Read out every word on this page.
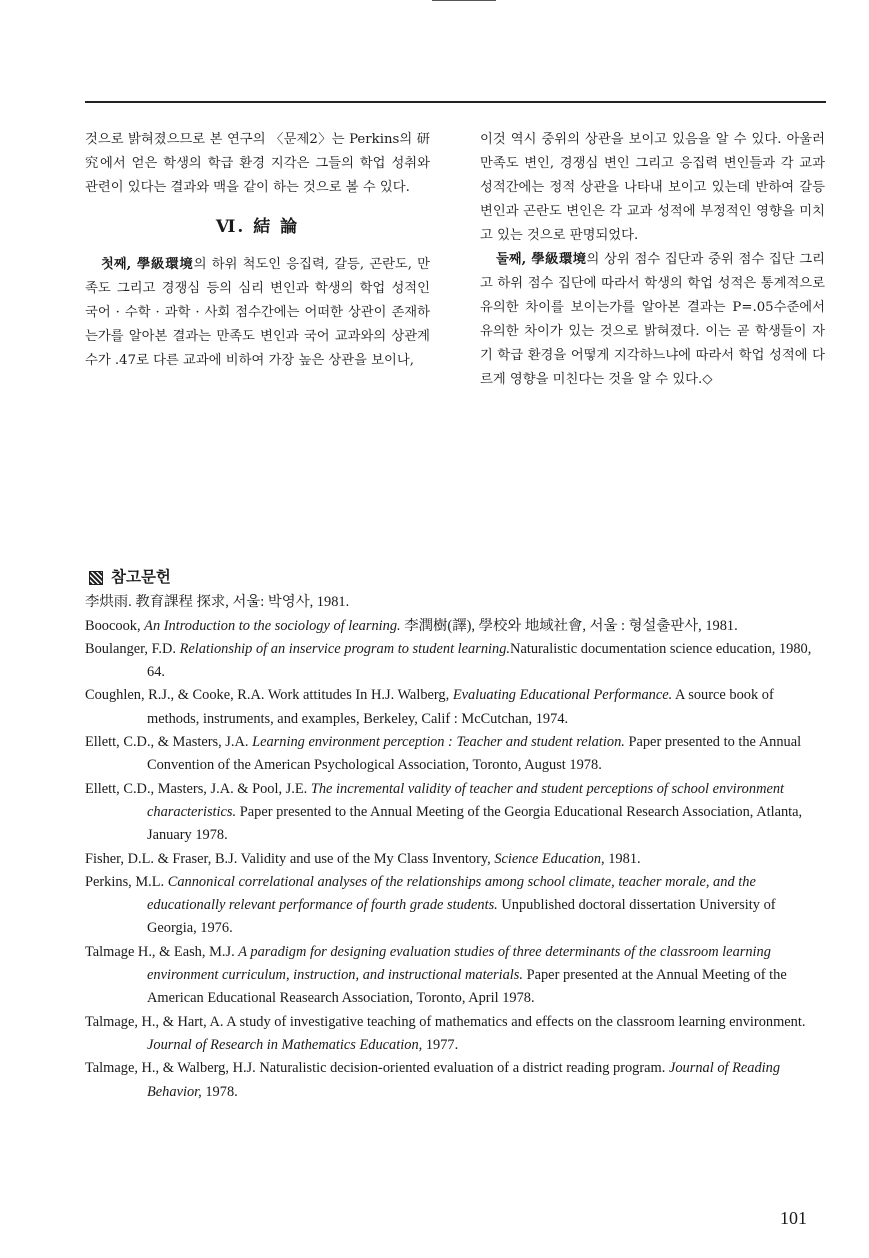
것으로 밝혀졌으므로 본 연구의 〈문제2〉는 Perkins의 研究에서 얻은 학생의 학급 환경 지각은 그들의 학업 성취와 관련이 있다는 결과와 맥을 같이 하는 것으로 볼 수 있다.

Ⅵ. 結 論

첫째, 學級環境의 하위 척도인 응집력, 갈등, 곤란도, 만족도 그리고 경쟁심 등의 심리 변인과 학생의 학업 성적인 국어 · 수학 · 과학 · 사회 점수간에는 어떠한 상관이 존재하는가를 알아본 결과는 만족도 변인과 국어 교과와의 상관계수가 .47로 다른 교과에 비하여 가장 높은 상관을 보이나,

이것 역시 중위의 상관을 보이고 있음을 알 수 있다. 아울러 만족도 변인, 경쟁심 변인 그리고 응집력 변인들과 각 교과 성적간에는 정적 상관을 나타내 보이고 있는데 반하여 갈등 변인과 곤란도 변인은 각 교과 성적에 부정적인 영향을 미치고 있는 것으로 판명되었다.

둘째, 學級環境의 상위 점수 집단과 중위 점수 집단 그리고 하위 점수 집단에 따라서 학생의 학업 성적은 통계적으로 유의한 차이를 보이는가를 알아본 결과는 P=.05수준에서 유의한 차이가 있는 것으로 밝혀졌다. 이는 곧 학생들이 자기 학급 환경을 어떻게 지각하느냐에 따라서 학업 성적에 다르게 영향을 미친다는 것을 알 수 있다.◇

참고문헌
李烘雨. 教育課程 探求, 서울: 박영사, 1981.
Boocook, An Introduction to the sociology of learning. 李潤樹(譯), 學校와 地域社會, 서울 : 형설출판사, 1981.
Boulanger, F.D. Relationship of an inservice program to student learning.Naturalistic documentation science education, 1980, 64.
Coughlen, R.J., & Cooke, R.A. Work attitudes In H.J. Walberg, Evaluating Educational Performance. A source book of methods, instruments, and examples, Berkeley, Calif : McCutchan, 1974.
Ellett, C.D., & Masters, J.A. Learning environment perception : Teacher and student relation. Paper presented to the Annual Convention of the American Psychological Association, Toronto, August 1978.
Ellett, C.D., Masters, J.A. & Pool, J.E. The incremental validity of teacher and student perceptions of school environment characteristics. Paper presented to the Annual Meeting of the Georgia Educational Research Association, Atlanta, January 1978.
Fisher, D.L. & Fraser, B.J. Validity and use of the My Class Inventory, Science Education, 1981.
Perkins, M.L. Cannonical correlational analyses of the relationships among school climate, teacher morale, and the educationally relevant performance of fourth grade students. Unpublished doctoral dissertation University of Georgia, 1976.
Talmage H., & Eash, M.J. A paradigm for designing evaluation studies of three determinants of the classroom learning environment curriculum, instruction, and instructional materials. Paper presented at the Annual Meeting of the American Educational Reasearch Association, Toronto, April 1978.
Talmage, H., & Hart, A. A study of investigative teaching of mathematics and effects on the classroom learning environment. Journal of Research in Mathematics Education, 1977.
Talmage, H., & Walberg, H.J. Naturalistic decision-oriented evaluation of a district reading program. Journal of Reading Behavior, 1978.
101
